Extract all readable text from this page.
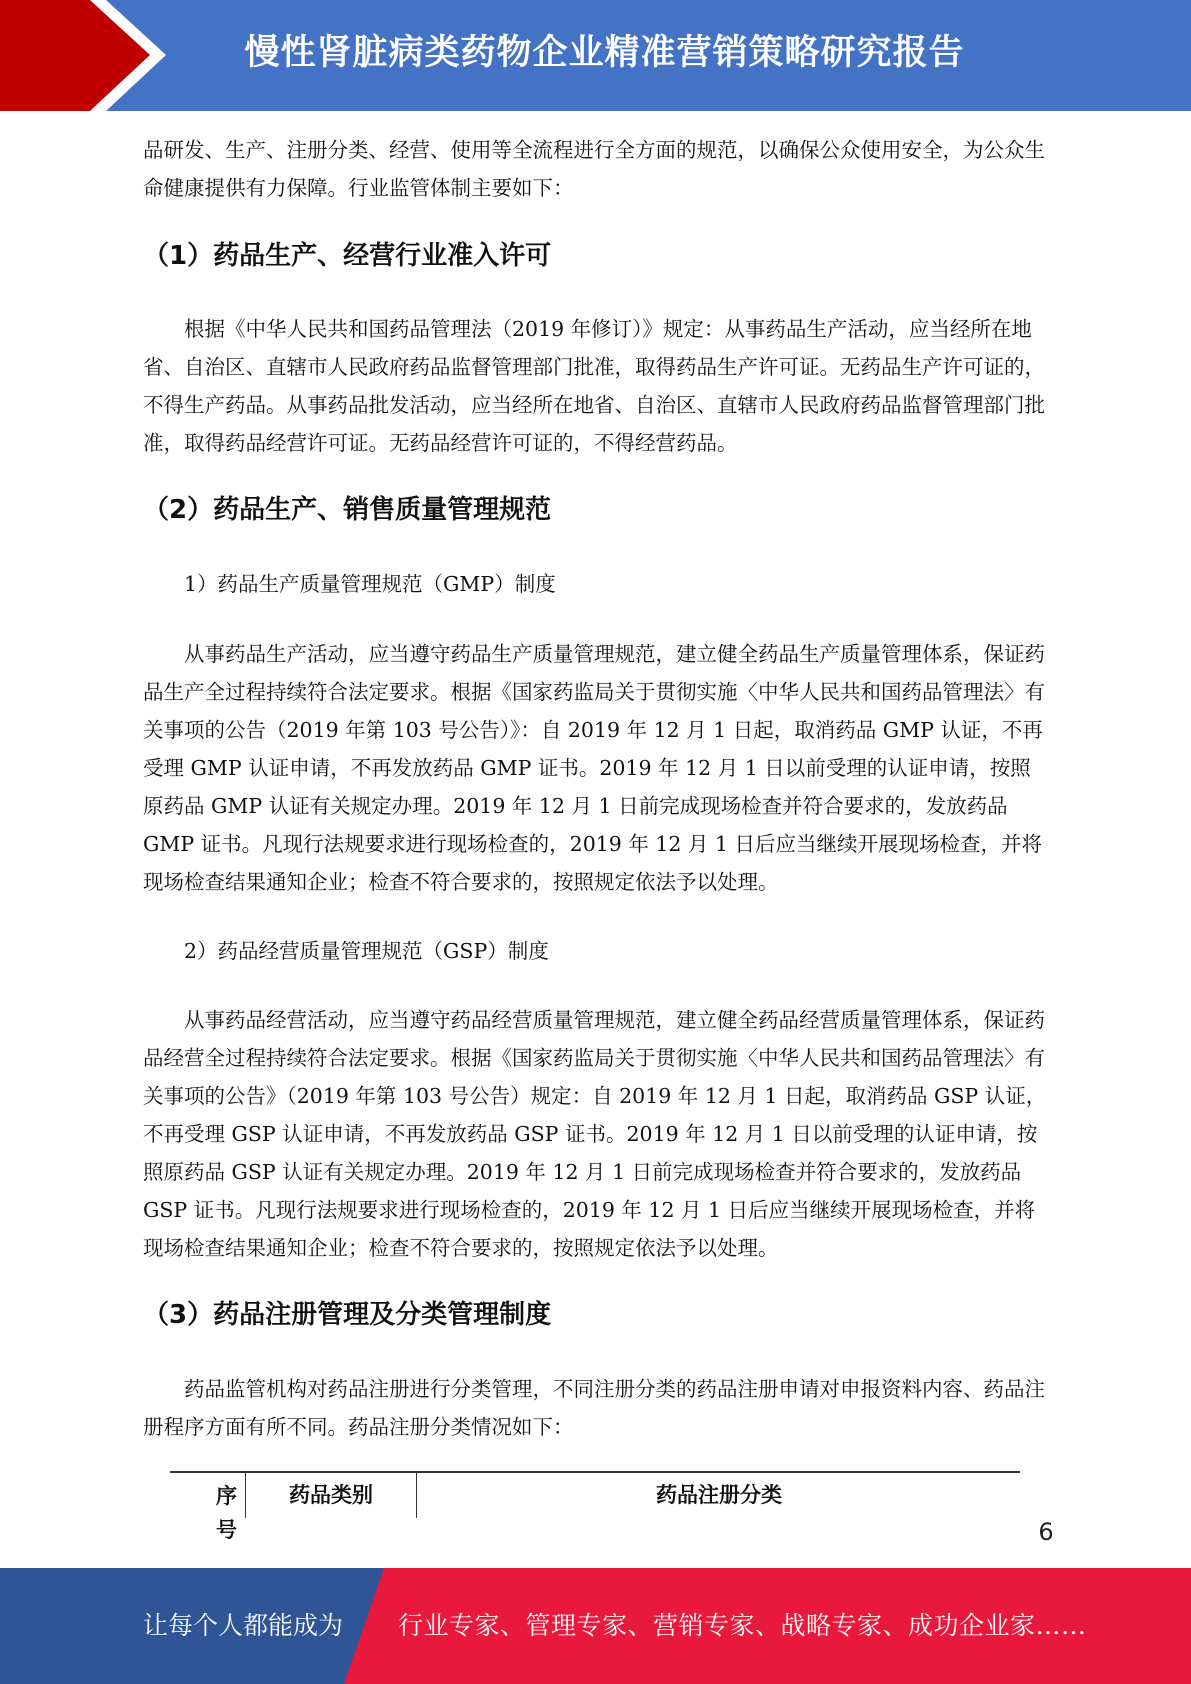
慢性肾脏病类药物企业精准营销策略研究报告

品研发、生产、注册分类、经营、使用等全流程进行全方面的规范，以确保公众使用安全，为公众生命健康提供有力保障。行业监管体制主要如下：

（1）药品生产、经营行业准入许可

根据《中华人民共和国药品管理法（2019 年修订）》规定：从事药品生产活动，应当经所在地省、自治区、直辖市人民政府药品监督管理部门批准，取得药品生产许可证。无药品生产许可证的，不得生产药品。从事药品批发活动，应当经所在地省、自治区、直辖市人民政府药品监督管理部门批准，取得药品经营许可证。无药品经营许可证的，不得经营药品。

（2）药品生产、销售质量管理规范

1）药品生产质量管理规范（GMP）制度

从事药品生产活动，应当遵守药品生产质量管理规范，建立健全药品生产质量管理体系，保证药品生产全过程持续符合法定要求。根据《国家药监局关于贯彻实施〈中华人民共和国药品管理法〉有关事项的公告（2019 年第 103 号公告）》：自 2019 年 12 月 1 日起，取消药品 GMP 认证，不再受理 GMP 认证申请，不再发放药品 GMP 证书。2019 年 12 月 1 日以前受理的认证申请，按照原药品 GMP 认证有关规定办理。2019 年 12 月 1 日前完成现场检查并符合要求的，发放药品 GMP 证书。凡现行法规要求进行现场检查的，2019 年 12 月 1 日后应当继续开展现场检查，并将现场检查结果通知企业；检查不符合要求的，按照规定依法予以处理。

2）药品经营质量管理规范（GSP）制度

从事药品经营活动，应当遵守药品经营质量管理规范，建立健全药品经营质量管理体系，保证药品经营全过程持续符合法定要求。根据《国家药监局关于贯彻实施〈中华人民共和国药品管理法〉有关事项的公告》（2019 年第 103 号公告）规定：自 2019 年 12 月 1 日起，取消药品 GSP 认证，不再受理 GSP 认证申请，不再发放药品 GSP 证书。2019 年 12 月 1 日以前受理的认证申请，按照原药品 GSP 认证有关规定办理。2019 年 12 月 1 日前完成现场检查并符合要求的，发放药品 GSP 证书。凡现行法规要求进行现场检查的，2019 年 12 月 1 日后应当继续开展现场检查，并将现场检查结果通知企业；检查不符合要求的，按照规定依法予以处理。

（3）药品注册管理及分类管理制度

药品监管机构对药品注册进行分类管理，不同注册分类的药品注册申请对申报资料内容、药品注册程序方面有所不同。药品注册分类情况如下：

序号
药品类别	药品注册分类
6
让每个人都能成为 行业专家、管理专家、营销专家、战略专家、成功企业家……
